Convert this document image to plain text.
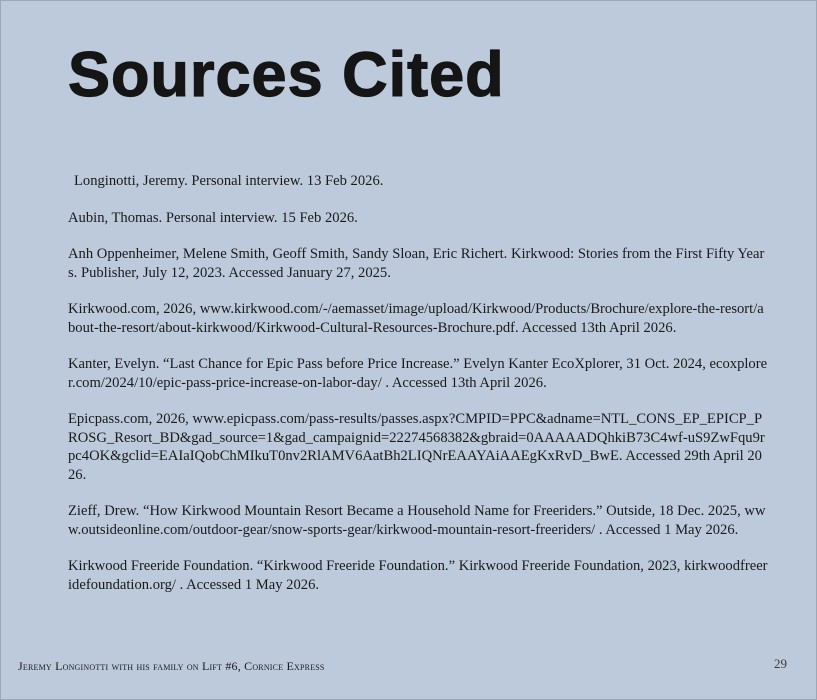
Sources Cited

Longinotti, Jeremy. Personal interview. 13 Feb 2026.

Aubin, Thomas. Personal interview. 15 Feb 2026.

Anh Oppenheimer, Melene Smith, Geoff Smith, Sandy Sloan, Eric Richert. Kirkwood: Stories from the First Fifty Years. Publisher, July 12, 2023. Accessed January 27, 2025.

Kirkwood.com, 2026, www.kirkwood.com/-/aemasset/image/upload/Kirkwood/Products/Brochure/explore-the-resort/about-the-resort/about-kirkwood/Kirkwood-Cultural-Resources-Brochure.pdf. Accessed 13th April 2026.

Kanter, Evelyn. “Last Chance for Epic Pass before Price Increase.” Evelyn Kanter EcoXplorer, 31 Oct. 2024, ecoxplorer.com/2024/10/epic-pass-price-increase-on-labor-day/ . Accessed 13th April 2026.

Epicpass.com, 2026, www.epicpass.com/pass-results/passes.aspx?CMPID=PPC&adname=NTL_CONS_EP_EPICP_PROSG_Resort_BD&gad_source=1&gad_campaignid=22274568382&gbraid=0AAAAADQhkiB73C4wf-uS9ZwFqu9rpc4OK&gclid=EAIaIQobChMIkuT0nv2RlAMV6AatBh2LIQNrEAAYAiAAEgKxRvD_BwE. Accessed 29th April 2026.

Zieff, Drew. “How Kirkwood Mountain Resort Became a Household Name for Freeriders.” Outside, 18 Dec. 2025, www.outsideonline.com/outdoor-gear/snow-sports-gear/kirkwood-mountain-resort-freeriders/ . Accessed 1 May 2026.

Kirkwood Freeride Foundation. “Kirkwood Freeride Foundation.” Kirkwood Freeride Foundation, 2023, kirkwoodfreeridefoundation.org/ . Accessed 1 May 2026.

Jeremy Longinotti with his family on Lift #6, Cornice Express	29
